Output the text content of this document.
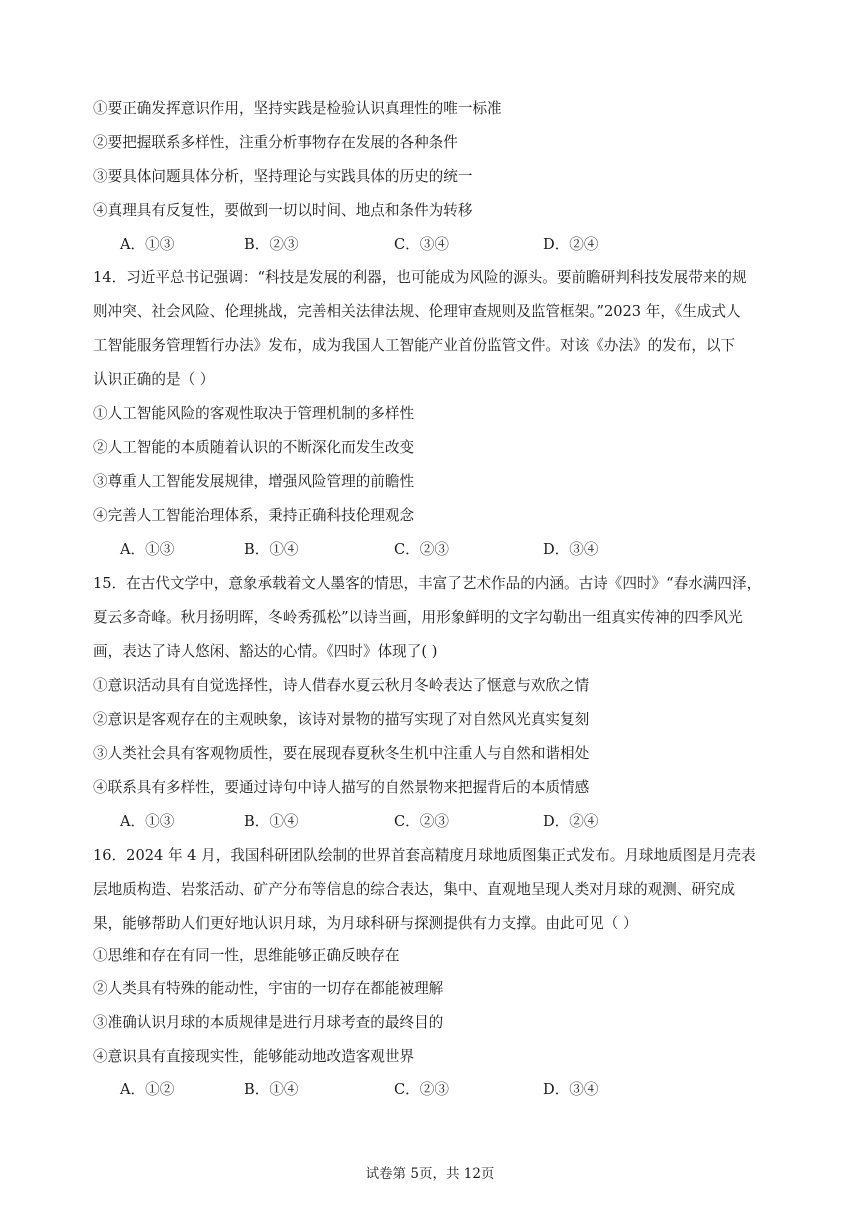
①要正确发挥意识作用，坚持实践是检验认识真理性的唯一标准
②要把握联系多样性，注重分析事物存在发展的各种条件
③要具体问题具体分析，坚持理论与实践具体的历史的统一
④真理具有反复性，要做到一切以时间、地点和条件为转移
A．①③	B．②③	C．③④	D．②④
14．习近平总书记强调：“科技是发展的利器，也可能成为风险的源头。要前瞻研判科技发展带来的规
则冲突、社会风险、伦理挑战，完善相关法律法规、伦理审查规则及监管框架。”2023 年，《生成式人
工智能服务管理暂行办法》发布，成为我国人工智能产业首份监管文件。对该《办法》的发布，以下
认识正确的是（ ）
①人工智能风险的客观性取决于管理机制的多样性
②人工智能的本质随着认识的不断深化而发生改变
③尊重人工智能发展规律，增强风险管理的前瞻性
④完善人工智能治理体系，秉持正确科技伦理观念
A．①③	B．①④	C．②③	D．③④
15．在古代文学中，意象承载着文人墨客的情思，丰富了艺术作品的内涵。古诗《四时》“春水满四泽，
夏云多奇峰。秋月扬明晖，冬岭秀孤松”以诗当画，用形象鲜明的文字勾勒出一组真实传神的四季风光
画，表达了诗人悠闲、豁达的心情。《四时》体现了( )
①意识活动具有自觉选择性，诗人借春水夏云秋月冬岭表达了惬意与欢欣之情
②意识是客观存在的主观映象，该诗对景物的描写实现了对自然风光真实复刻
③人类社会具有客观物质性，要在展现春夏秋冬生机中注重人与自然和谐相处
④联系具有多样性，要通过诗句中诗人描写的自然景物来把握背后的本质情感
A．①③	B．①④	C．②③	D．②④
16．2024 年 4 月，我国科研团队绘制的世界首套高精度月球地质图集正式发布。月球地质图是月壳表
层地质构造、岩浆活动、矿产分布等信息的综合表达，集中、直观地呈现人类对月球的观测、研究成
果，能够帮助人们更好地认识月球，为月球科研与探测提供有力支撑。由此可见（ ）
①思维和存在有同一性，思维能够正确反映存在
②人类具有特殊的能动性，宇宙的一切存在都能被理解
③准确认识月球的本质规律是进行月球考查的最终目的
④意识具有直接现实性，能够能动地改造客观世界
A．①②	B．①④	C．②③	D．③④
试卷第 5页，共 12页
